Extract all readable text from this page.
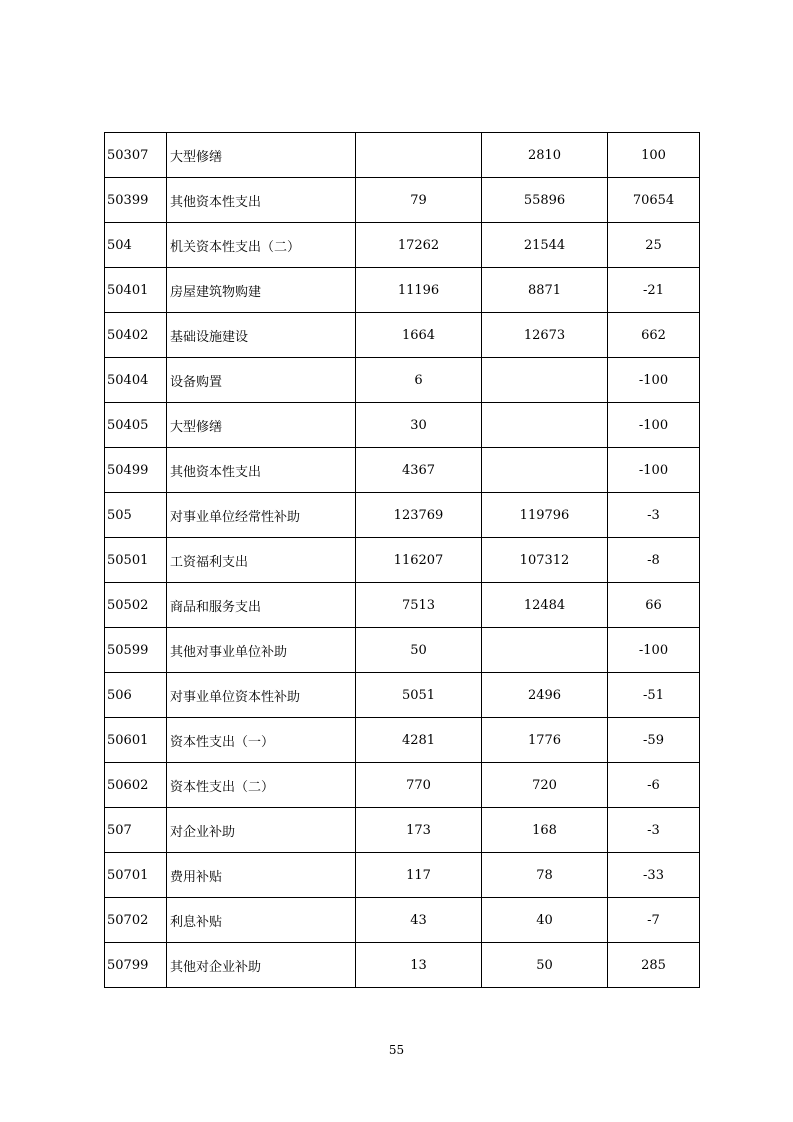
50307	大型修缮		2810	100
50399	其他资本性支出	79	55896	70654
504	机关资本性支出（二）	17262	21544	25
50401	房屋建筑物购建	11196	8871	-21
50402	基础设施建设	1664	12673	662
50404	设备购置	6		-100
50405	大型修缮	30		-100
50499	其他资本性支出	4367		-100
505	对事业单位经常性补助	123769	119796	-3
50501	工资福利支出	116207	107312	-8
50502	商品和服务支出	7513	12484	66
50599	其他对事业单位补助	50		-100
506	对事业单位资本性补助	5051	2496	-51
50601	资本性支出（一）	4281	1776	-59
50602	资本性支出（二）	770	720	-6
507	对企业补助	173	168	-3
50701	费用补贴	117	78	-33
50702	利息补贴	43	40	-7
50799	其他对企业补助	13	50	285
55
